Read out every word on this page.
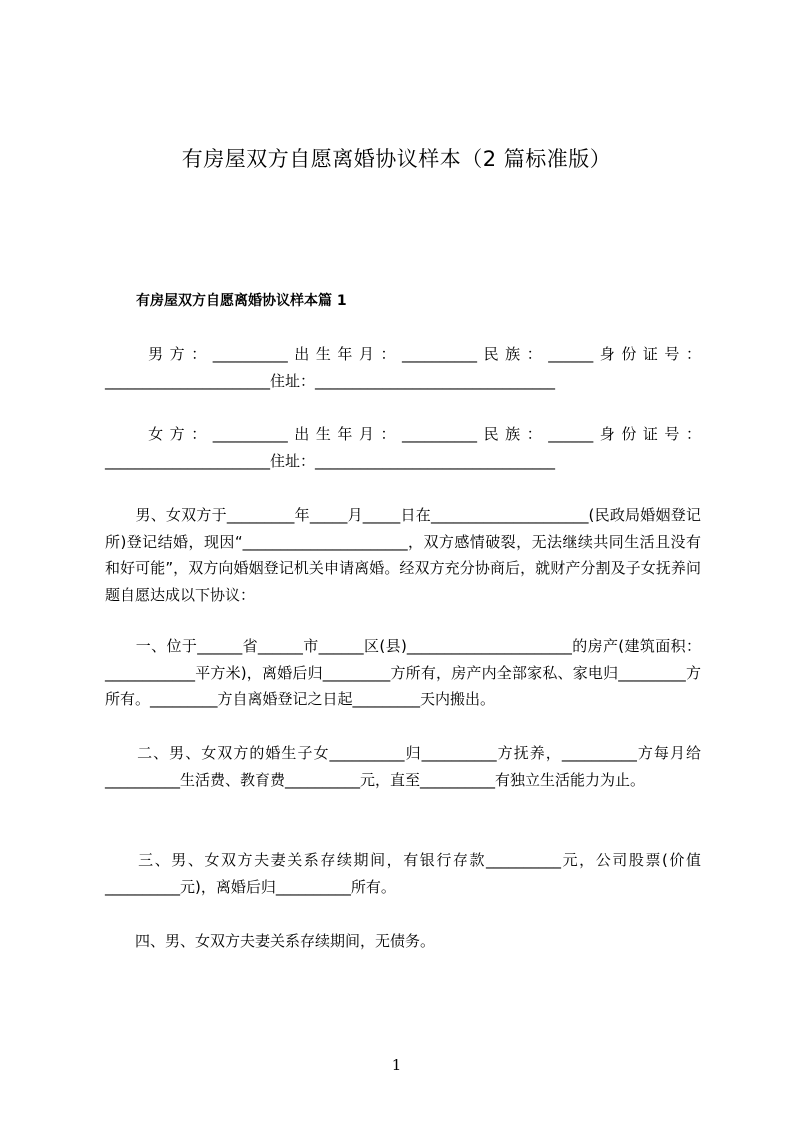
有房屋双方自愿离婚协议样本（2 篇标准版）
有房屋双方自愿离婚协议样本篇 1

　　男方：__________出生年月：__________民族：______身份证号：______________________住址：________________________________

　　女方：__________出生年月：__________民族：______身份证号：______________________住址：________________________________

　　男、女双方于_________年_____月_____日在_____________________(民政局婚姻登记所)登记结婚，现因“______________________，双方感情破裂，无法继续共同生活且没有和好可能”，双方向婚姻登记机关申请离婚。经双方充分协商后，就财产分割及子女抚养问题自愿达成以下协议：

　　一、位于______省______市______区(县)______________________的房产(建筑面积：____________平方米)，离婚后归_________方所有，房产内全部家私、家电归_________方所有。_________方自离婚登记之日起_________天内搬出。

　　二、男、女双方的婚生子女__________归__________方抚养，__________方每月给__________生活费、教育费__________元，直至__________有独立生活能力为止。

　　三、男、女双方夫妻关系存续期间，有银行存款__________元，公司股票(价值__________元)，离婚后归__________所有。

　　四、男、女双方夫妻关系存续期间，无债务。

1
